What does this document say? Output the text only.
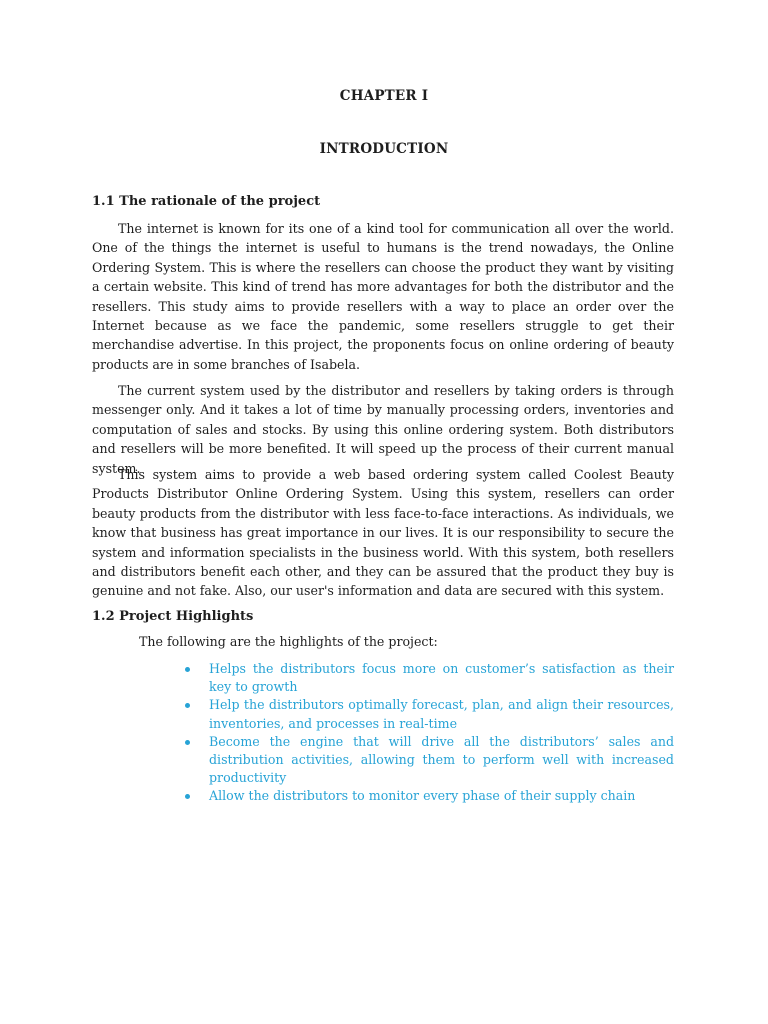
CHAPTER I
INTRODUCTION
1.1 The rationale of the project

The internet is known for its one of a kind tool for communication all over the world. One of the things the internet is useful to humans is the trend nowadays, the Online Ordering System. This is where the resellers can choose the product they want by visiting a certain website. This kind of trend has more advantages for both the distributor and the resellers. This study aims to provide resellers with a way to place an order over the Internet because as we face the pandemic, some resellers struggle to get their merchandise advertise. In this project, the proponents focus on online ordering of beauty products are in some branches of Isabela.

The current system used by the distributor and resellers by taking orders is through messenger only. And it takes a lot of time by manually processing orders, inventories and computation of sales and stocks. By using this online ordering system. Both distributors and resellers will be more benefited. It will speed up the process of their current manual system.

This system aims to provide a web based ordering system called Coolest Beauty Products Distributor Online Ordering System. Using this system, resellers can order beauty products from the distributor with less face-to-face interactions. As individuals, we know that business has great importance in our lives. It is our responsibility to secure the system and information specialists in the business world. With this system, both resellers and distributors benefit each other, and they can be assured that the product they buy is genuine and not fake. Also, our user's information and data are secured with this system.

1.2 Project Highlights

The following are the highlights of the project:

Helps the distributors focus more on customer’s satisfaction as their key to growth
Help the distributors optimally forecast, plan, and align their resources, inventories, and processes in real-time
Become the engine that will drive all the distributors’ sales and distribution activities, allowing them to perform well with increased productivity
Allow the distributors to monitor every phase of their supply chain
